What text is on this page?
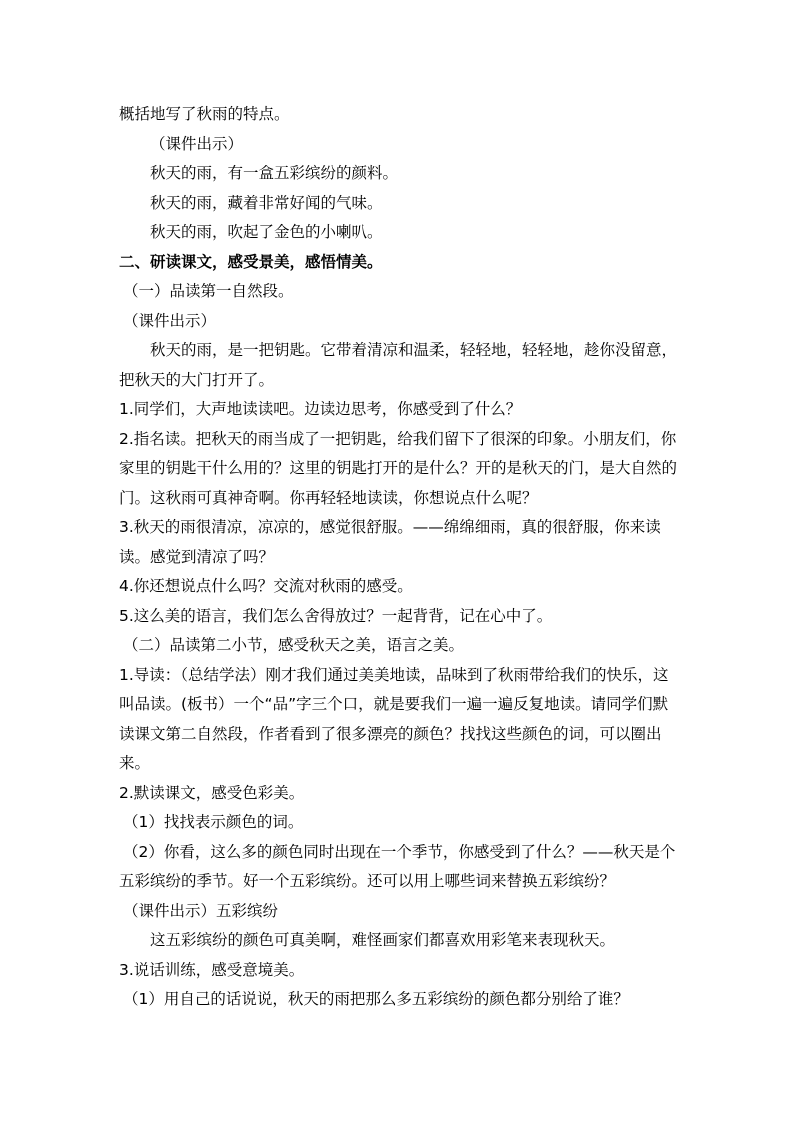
概括地写了秋雨的特点。

（课件出示）

秋天的雨，有一盒五彩缤纷的颜料。

秋天的雨，藏着非常好闻的气味。

秋天的雨，吹起了金色的小喇叭。

二、研读课文，感受景美，感悟情美。

（一）品读第一自然段。

（课件出示）

秋天的雨，是一把钥匙。它带着清凉和温柔，轻轻地，轻轻地，趁你没留意，把秋天的大门打开了。

1.同学们，大声地读读吧。边读边思考，你感受到了什么？

2.指名读。把秋天的雨当成了一把钥匙，给我们留下了很深的印象。小朋友们，你家里的钥匙干什么用的？这里的钥匙打开的是什么？开的是秋天的门，是大自然的门。这秋雨可真神奇啊。你再轻轻地读读，你想说点什么呢？

3.秋天的雨很清凉，凉凉的，感觉很舒服。——绵绵细雨，真的很舒服，你来读读。感觉到清凉了吗？

4.你还想说点什么吗？交流对秋雨的感受。

5.这么美的语言，我们怎么舍得放过？一起背背，记在心中了。

（二）品读第二小节，感受秋天之美，语言之美。

1.导读：（总结学法）刚才我们通过美美地读，品味到了秋雨带给我们的快乐，这叫品读。(板书）一个“品”字三个口，就是要我们一遍一遍反复地读。请同学们默读课文第二自然段，作者看到了很多漂亮的颜色？找找这些颜色的词，可以圈出来。

2.默读课文，感受色彩美。

（1）找找表示颜色的词。

（2）你看，这么多的颜色同时出现在一个季节，你感受到了什么？——秋天是个五彩缤纷的季节。好一个五彩缤纷。还可以用上哪些词来替换五彩缤纷？

（课件出示）五彩缤纷

这五彩缤纷的颜色可真美啊，难怪画家们都喜欢用彩笔来表现秋天。

3.说话训练，感受意境美。

（1）用自己的话说说，秋天的雨把那么多五彩缤纷的颜色都分别给了谁？
